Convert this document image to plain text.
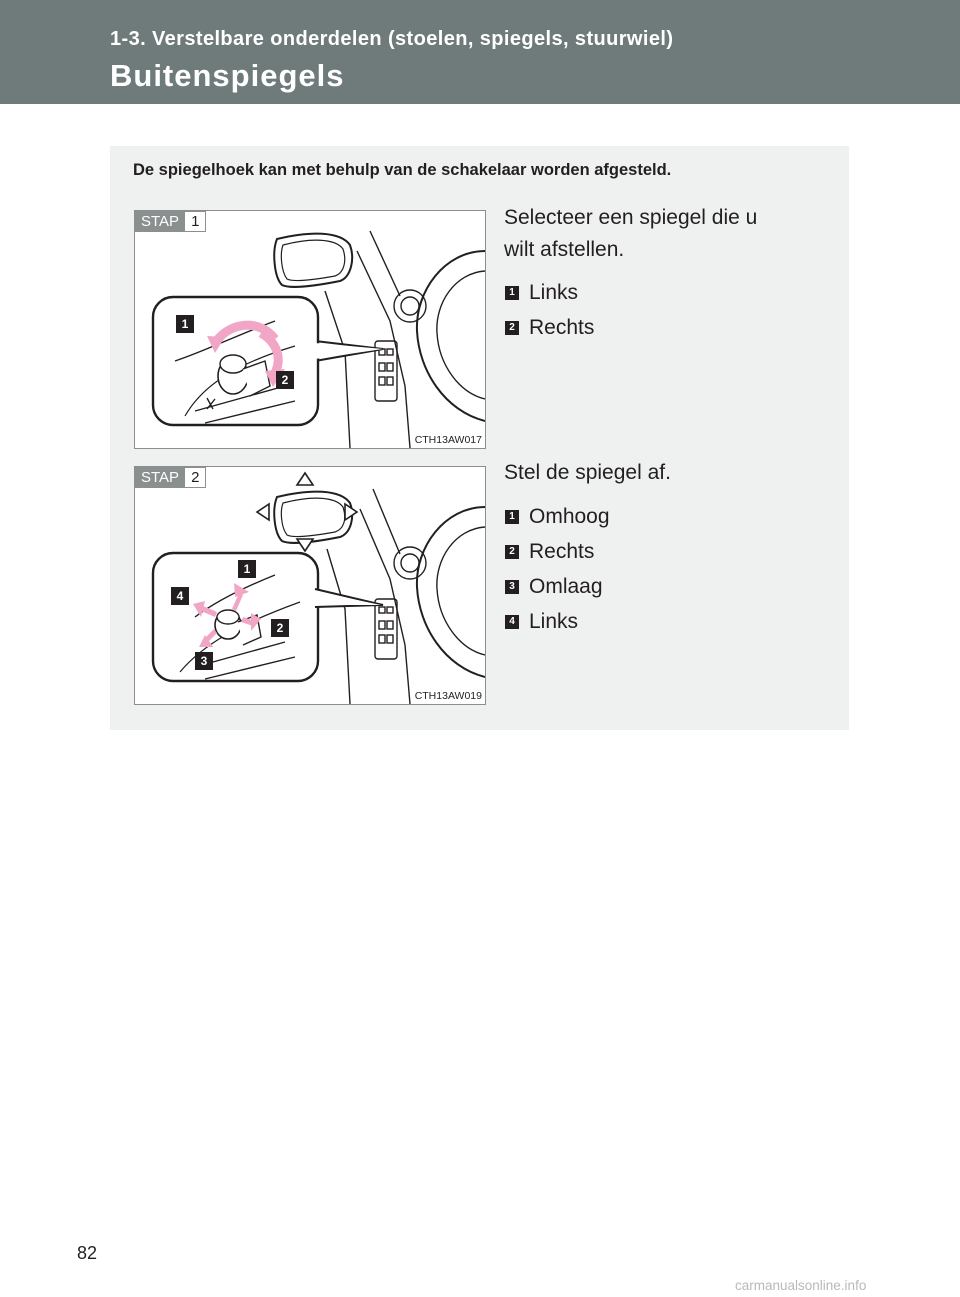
1-3. Verstelbare onderdelen (stoelen, spiegels, stuurwiel)
Buitenspiegels
De spiegelhoek kan met behulp van de schakelaar worden afgesteld.
1
2
STAP 1
CTH13AW017
Selecteer een spiegel die u
wilt afstellen.
1 Links
2 Rechts
1
4
2
3
STAP 2
CTH13AW019
Stel de spiegel af.
1 Omhoog
2 Rechts
3 Omlaag
4 Links
82
carmanualsonline.info
